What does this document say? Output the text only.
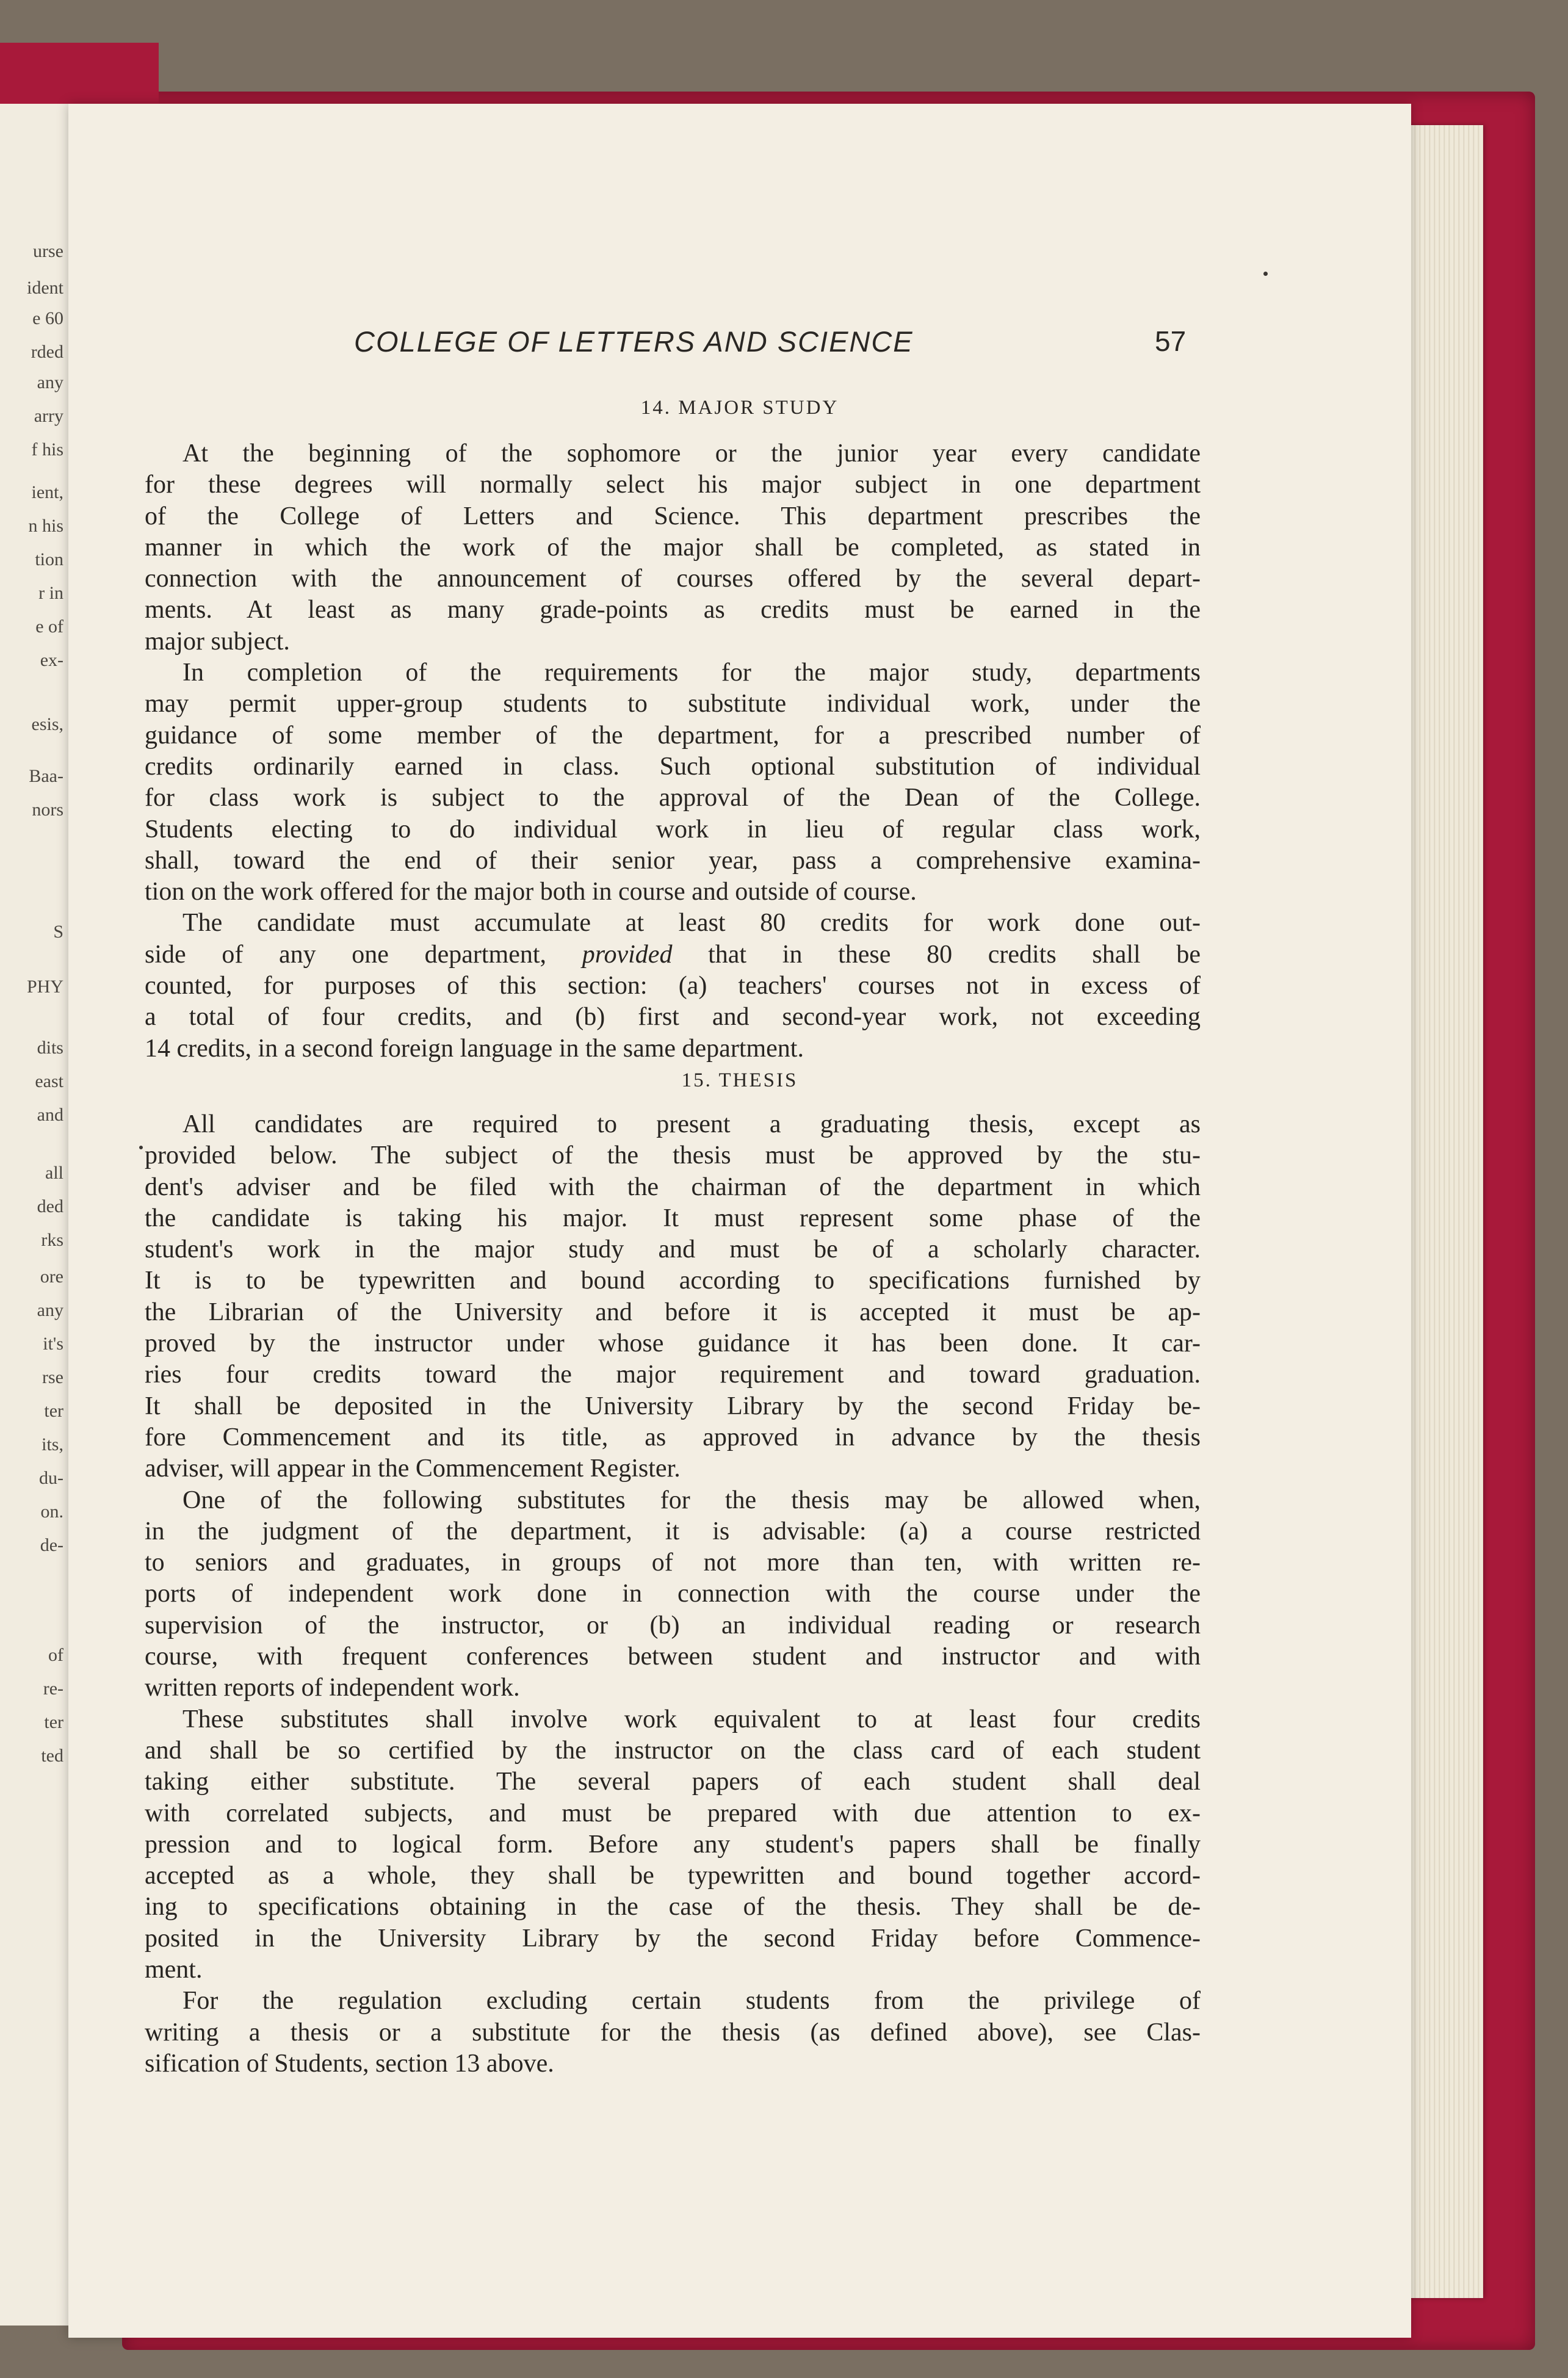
urse
ident
e 60
rded
any
arry
f his
ient,
n his
tion
r in
e of
ex-
esis,
Baa-
nors
S
PHY
dits
east
and
all
ded
rks
ore
any
it's
rse
ter
its,
du-
on.
de-
of
re-
ter
ted
COLLEGE OF LETTERS AND SCIENCE	57
14. MAJOR STUDY
At the beginning of the sophomore or the junior year every candidate
for these degrees will normally select his major subject in one department
of the College of Letters and Science. This department prescribes the
manner in which the work of the major shall be completed, as stated in
connection with the announcement of courses offered by the several depart-
ments. At least as many grade-points as credits must be earned in the
major subject.
In completion of the requirements for the major study, departments
may permit upper-group students to substitute individual work, under the
guidance of some member of the department, for a prescribed number of
credits ordinarily earned in class. Such optional substitution of individual
for class work is subject to the approval of the Dean of the College.
Students electing to do individual work in lieu of regular class work,
shall, toward the end of their senior year, pass a comprehensive examina-
tion on the work offered for the major both in course and outside of course.
The candidate must accumulate at least 80 credits for work done out-
side of any one department, provided that in these 80 credits shall be
counted, for purposes of this section: (a) teachers' courses not in excess of
a total of four credits, and (b) first and second-year work, not exceeding
14 credits, in a second foreign language in the same department.
15. THESIS
All candidates are required to present a graduating thesis, except as
provided below. The subject of the thesis must be approved by the stu-
dent's adviser and be filed with the chairman of the department in which
the candidate is taking his major. It must represent some phase of the
student's work in the major study and must be of a scholarly character.
It is to be typewritten and bound according to specifications furnished by
the Librarian of the University and before it is accepted it must be ap-
proved by the instructor under whose guidance it has been done. It car-
ries four credits toward the major requirement and toward graduation.
It shall be deposited in the University Library by the second Friday be-
fore Commencement and its title, as approved in advance by the thesis
adviser, will appear in the Commencement Register.
One of the following substitutes for the thesis may be allowed when,
in the judgment of the department, it is advisable: (a) a course restricted
to seniors and graduates, in groups of not more than ten, with written re-
ports of independent work done in connection with the course under the
supervision of the instructor, or (b) an individual reading or research
course, with frequent conferences between student and instructor and with
written reports of independent work.
These substitutes shall involve work equivalent to at least four credits
and shall be so certified by the instructor on the class card of each student
taking either substitute. The several papers of each student shall deal
with correlated subjects, and must be prepared with due attention to ex-
pression and to logical form. Before any student's papers shall be finally
accepted as a whole, they shall be typewritten and bound together accord-
ing to specifications obtaining in the case of the thesis. They shall be de-
posited in the University Library by the second Friday before Commence-
ment.
For the regulation excluding certain students from the privilege of
writing a thesis or a substitute for the thesis (as defined above), see Clas-
sification of Students, section 13 above.
